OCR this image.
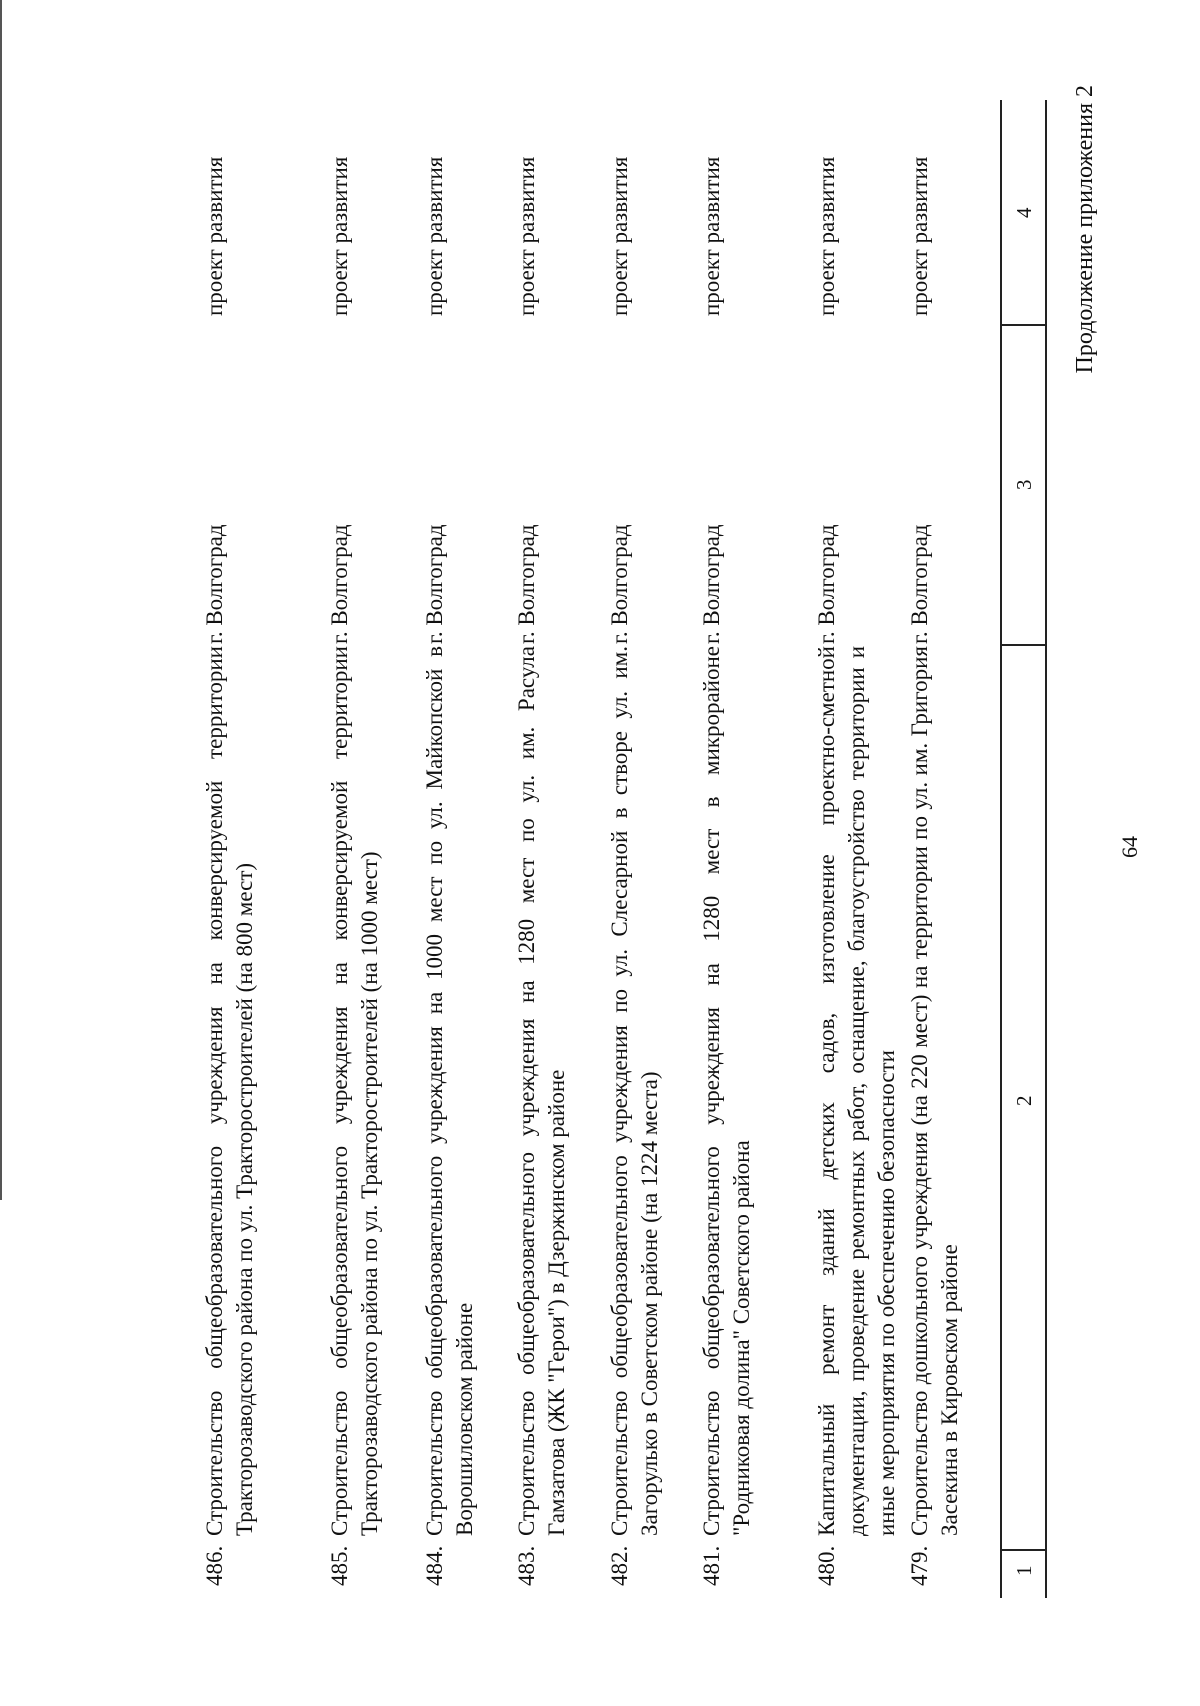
64
Продолжение приложения 2
1
2
3
4
479.
Строительство дошкольного учреждения (на 220 мест) на территории по ул. им. Григория Засекина в Кировском районе
г. Волгоград
проект развития
480.
Капитальный ремонт зданий детских садов, изготовление проектно-сметной документации, проведение ремонтных работ, оснащение, благоустройство территории и иные мероприятия по обеспечению безопасности
г. Волгоград
проект развития
481.
Строительство общеобразовательного учреждения на 1280 мест в микрорайоне "Родниковая долина" Советского района
г. Волгоград
проект развития
482.
Строительство общеобразовательного учреждения по ул. Слесарной в створе ул. им. Загорулько в Советском районе (на 1224 места)
г. Волгоград
проект развития
483.
Строительство общеобразовательного учреждения на 1280 мест по ул. им. Расула Гамзатова (ЖК "Герои") в Дзержинском районе
г. Волгоград
проект развития
484.
Строительство общеобразовательного учреждения на 1000 мест по ул. Майкопской в Ворошиловском районе
г. Волгоград
проект развития
485.
Строительство общеобразовательного учреждения на конверсируемой территории Тракторозаводского района по ул. Тракторостроителей (на 1000 мест)
г. Волгоград
проект развития
486.
Строительство общеобразовательного учреждения на конверсируемой территории Тракторозаводского района по ул. Тракторостроителей (на 800 мест)
г. Волгоград
проект развития
